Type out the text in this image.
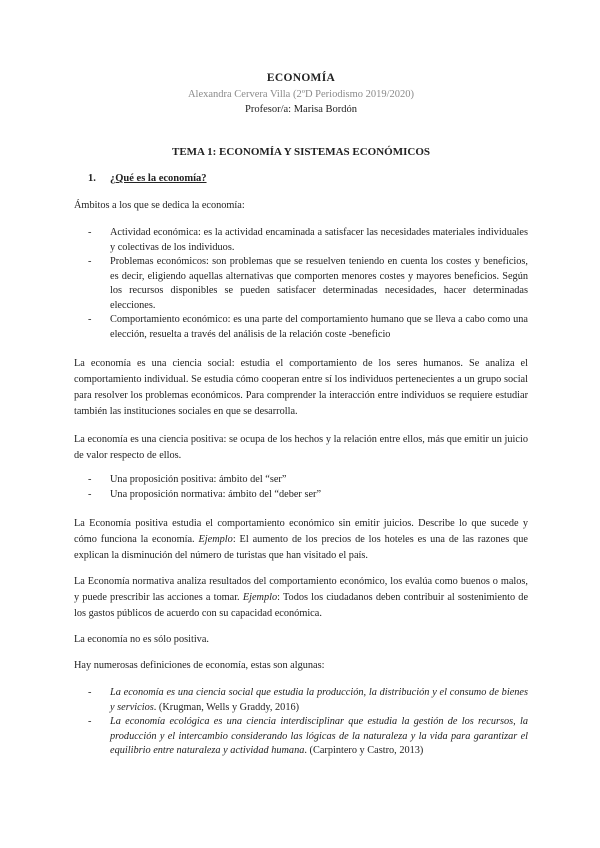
ECONOMÍA
Alexandra Cervera Villa (2ºD Periodismo 2019/2020)
Profesor/a: Marisa Bordón
TEMA 1: ECONOMÍA Y SISTEMAS ECONÓMICOS
1. ¿Qué es la economía?
Ámbitos a los que se dedica la economía:
- Actividad económica: es la actividad encaminada a satisfacer las necesidades materiales individuales y colectivas de los individuos.
- Problemas económicos: son problemas que se resuelven teniendo en cuenta los costes y beneficios, es decir, eligiendo aquellas alternativas que comporten menores costes y mayores beneficios. Según los recursos disponibles se pueden satisfacer determinadas necesidades, hacer determinadas elecciones.
- Comportamiento económico: es una parte del comportamiento humano que se lleva a cabo como una elección, resuelta a través del análisis de la relación coste -beneficio
La economía es una ciencia social: estudia el comportamiento de los seres humanos. Se analiza el comportamiento individual. Se estudia cómo cooperan entre sí los individuos pertenecientes a un grupo social para resolver los problemas económicos. Para comprender la interacción entre individuos se requiere estudiar también las instituciones sociales en que se desarrolla.
La economía es una ciencia positiva: se ocupa de los hechos y la relación entre ellos, más que emitir un juicio de valor respecto de ellos.
- Una proposición positiva: ámbito del “ser”
- Una proposición normativa: ámbito del “deber ser”
La Economía positiva estudia el comportamiento económico sin emitir juicios. Describe lo que sucede y cómo funciona la economía. Ejemplo: El aumento de los precios de los hoteles es una de las razones que explican la disminución del número de turistas que han visitado el país.
La Economía normativa analiza resultados del comportamiento económico, los evalúa como buenos o malos, y puede prescribir las acciones a tomar. Ejemplo: Todos los ciudadanos deben contribuir al sostenimiento de los gastos públicos de acuerdo con su capacidad económica.
La economía no es sólo positiva.
Hay numerosas definiciones de economía, estas son algunas:
- La economía es una ciencia social que estudia la producción, la distribución y el consumo de bienes y servicios. (Krugman, Wells y Graddy, 2016)
- La economía ecológica es una ciencia interdisciplinar que estudia la gestión de los recursos, la producción y el intercambio considerando las lógicas de la naturaleza y la vida para garantizar el equilibrio entre naturaleza y actividad humana. (Carpintero y Castro, 2013)
